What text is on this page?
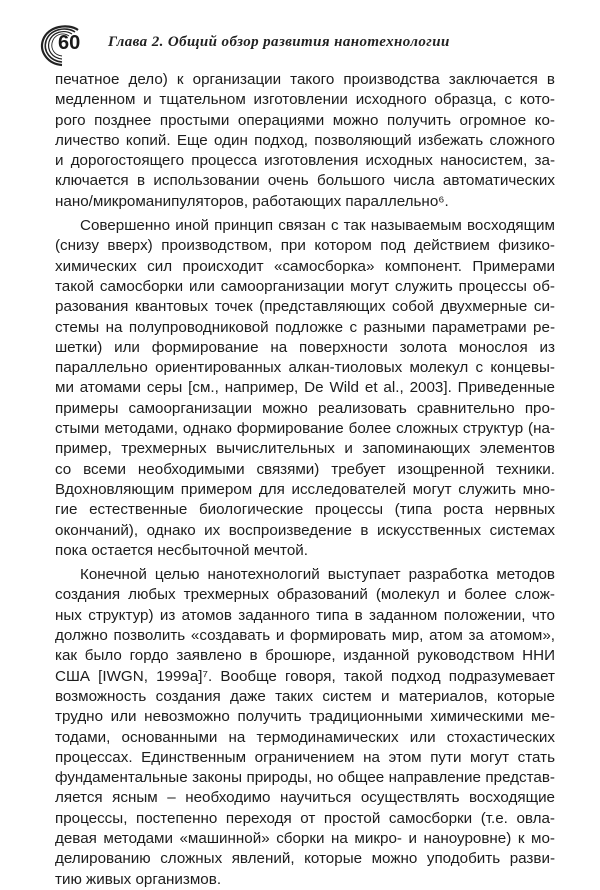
60 Глава 2. Общий обзор развития нанотехнологии
печатное дело) к организации такого производства заключается в
медленном и тщательном изготовлении исходного образца, с кото-
рого позднее простыми операциями можно получить огромное ко-
личество копий. Еще один подход, позволяющий избежать сложного
и дорогостоящего процесса изготовления исходных наносистем, за-
ключается в использовании очень большого числа автоматических
нано/микроманипуляторов, работающих параллельно⁶.
Совершенно иной принцип связан с так называемым восходящим
(снизу вверх) производством, при котором под действием физико-
химических сил происходит «самосборка» компонент. Примерами
такой самосборки или самоорганизации могут служить процессы об-
разования квантовых точек (представляющих собой двухмерные си-
стемы на полупроводниковой подложке с разными параметрами ре-
шетки) или формирование на поверхности золота монослоя из
параллельно ориентированных алкан-тиоловых молекул с концевы-
ми атомами серы [см., например, De Wild et al., 2003]. Приведенные
примеры самоорганизации можно реализовать сравнительно про-
стыми методами, однако формирование более сложных структур (на-
пример, трехмерных вычислительных и запоминающих элементов
со всеми необходимыми связями) требует изощренной техники.
Вдохновляющим примером для исследователей могут служить мно-
гие естественные биологические процессы (типа роста нервных
окончаний), однако их воспроизведение в искусственных системах
пока остается несбыточной мечтой.
Конечной целью нанотехнологий выступает разработка методов
создания любых трехмерных образований (молекул и более слож-
ных структур) из атомов заданного типа в заданном положении, что
должно позволить «создавать и формировать мир, атом за атомом»,
как было гордо заявлено в брошюре, изданной руководством ННИ
США [IWGN, 1999a]⁷. Вообще говоря, такой подход подразумевает
возможность создания даже таких систем и материалов, которые
трудно или невозможно получить традиционными химическими ме-
тодами, основанными на термодинамических или стохастических
процессах. Единственным ограничением на этом пути могут стать
фундаментальные законы природы, но общее направление представ-
ляется ясным – необходимо научиться осуществлять восходящие
процессы, постепенно переходя от простой самосборки (т.е. овла-
девая методами «машинной» сборки на микро- и наноуровне) к мо-
делированию сложных явлений, которые можно уподобить разви-
тию живых организмов.
